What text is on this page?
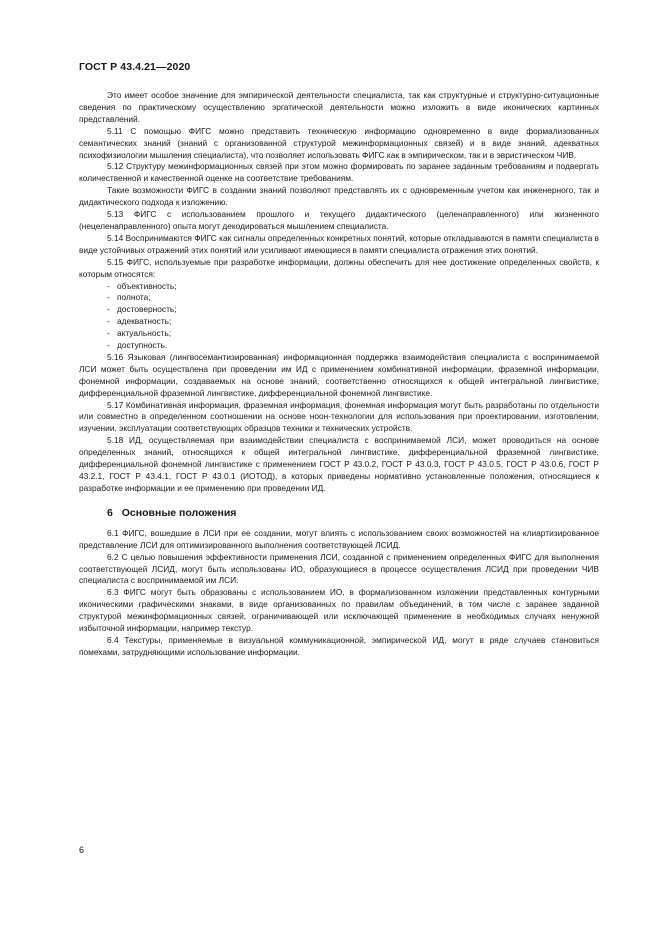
ГОСТ Р 43.4.21—2020

Это имеет особое значение для эмпирической деятельности специалиста, так как структурные и структурно-ситуационные сведения по практическому осуществлению эргатической деятельности можно изложить в виде иконических картинных представлений.

5.11 С помощью ФИГС можно представить техническую информацию одновременно в виде формализованных семантических знаний (знаний с организованной структурой межинформационных связей) и в виде знаний, адекватных психофизиологии мышления специалиста), что позволяет использовать ФИГС как в эмпирическом, так и в эвристическом ЧИВ.

5.12 Структуру межинформационных связей при этом можно формировать по заранее заданным требованиям и подвергать количественной и качественной оценке на соответствие требованиям.

Такие возможности ФИГС в создании знаний позволяют представлять их с одновременным учетом как инженерного, так и дидактического подхода к изложению.

5.13 ФИГС с использованием прошлого и текущего дидактического (целенаправленного) или жизненного (нецеленаправленного) опыта могут декодироваться мышлением специалиста.

5.14 Воспринимаются ФИГС как сигналы определенных конкретных понятий, которые откладываются в памяти специалиста в виде устойчивых отражений этих понятий или усиливают имеющиеся в памяти специалиста отражения этих понятий.

5.15 ФИГС, используемые при разработке информации, должны обеспечить для нее достижение определенных свойств, к которым относятся:

- объективность;
- полнота;
- достоверность;
- адекватность;
- актуальность;
- доступность.

5.16 Языковая (лингвосемантизированная) информационная поддержка взаимодействия специалиста с воспринимаемой ЛСИ может быть осуществлена при проведении им ИД с применением комбинативной информации, фраземной информации, фонемной информации, создаваемых на основе знаний, соответственно относящихся к общей интегральной лингвистике, дифференциальной фраземной лингвистике, дифференциальной фонемной лингвистике.

5.17 Комбинативная информация, фраземная информация, фонемная информация могут быть разработаны по отдельности или совместно в определенном соотношении на основе ноон-технологии для использования при проектировании, изготовлении, изучении, эксплуатации соответствующих образцов техники и технических устройств.

5.18 ИД, осуществляемая при взаимодействии специалиста с воспринимаемой ЛСИ, может проводиться на основе определенных знаний, относящихся к общей интегральной лингвистике, дифференциальной фраземной лингвистике, дифференциальной фонемной лингвистике с применением ГОСТ Р 43.0.2, ГОСТ Р 43.0.3, ГОСТ Р 43.0.5, ГОСТ Р 43.0.6, ГОСТ Р 43.2.1, ГОСТ Р 43.4.1, ГОСТ Р 43.0.1 (ИОТОД), в которых приведены нормативно установленные положения, относящиеся к разработке информации и ее применению при проведении ИД.

6 Основные положения

6.1 ФИГС, вошедшие в ЛСИ при ее создании, могут влиять с использованием своих возможностей на клиартизированное представление ЛСИ для оптимизированного выполнения соответствующей ЛСИД.

6.2 С целью повышения эффективности применения ЛСИ, созданной с применением определенных ФИГС для выполнения соответствующей ЛСИД, могут быть использованы ИО, образующиеся в процессе осуществления ЛСИД при проведении ЧИВ специалиста с воспринимаемой им ЛСИ.

6.3 ФИГС могут быть образованы с использованием ИО, в формализованном изложении представленных контурными иконическими графическими знаками, в виде организованных по правилам объединений, в том числе с заранее заданной структурой межинформационных связей, ограничивающей или исключающей применение в необходимых случаях ненужной избыточной информации, например текстур.

6.4 Текстуры, применяемые в визуальной коммуникационной, эмпирической ИД, могут в ряде случаев становиться помехами, затрудняющими использование информации.

6
